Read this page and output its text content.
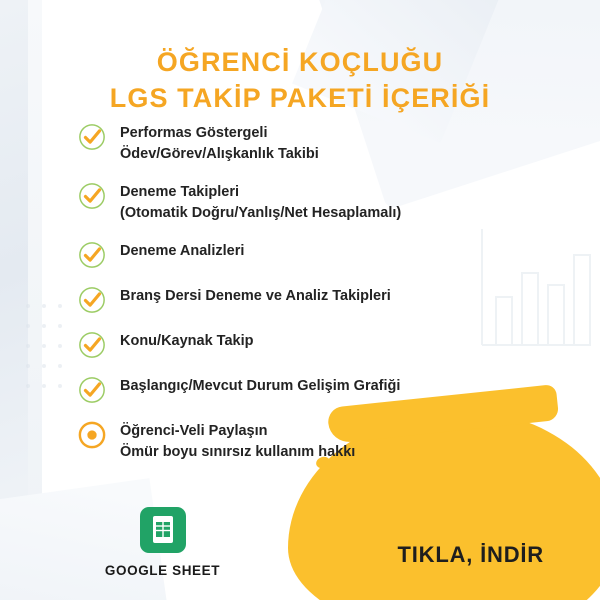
ÖĞRENCİ KOÇLUĞU
LGS TAKİP PAKETİ İÇERİĞİ
Performas Göstergeli
Ödev/Görev/Alışkanlık Takibi
Deneme Takipleri
(Otomatik Doğru/Yanlış/Net Hesaplamalı)
Deneme Analizleri
Branş Dersi Deneme ve Analiz Takipleri
Konu/Kaynak Takip
Başlangıç/Mevcut Durum Gelişim Grafiği
Öğrenci-Veli Paylaşın
Ömür boyu sınırsız kullanım hakkı
GOOGLE SHEET
TIKLA, İNDİR
